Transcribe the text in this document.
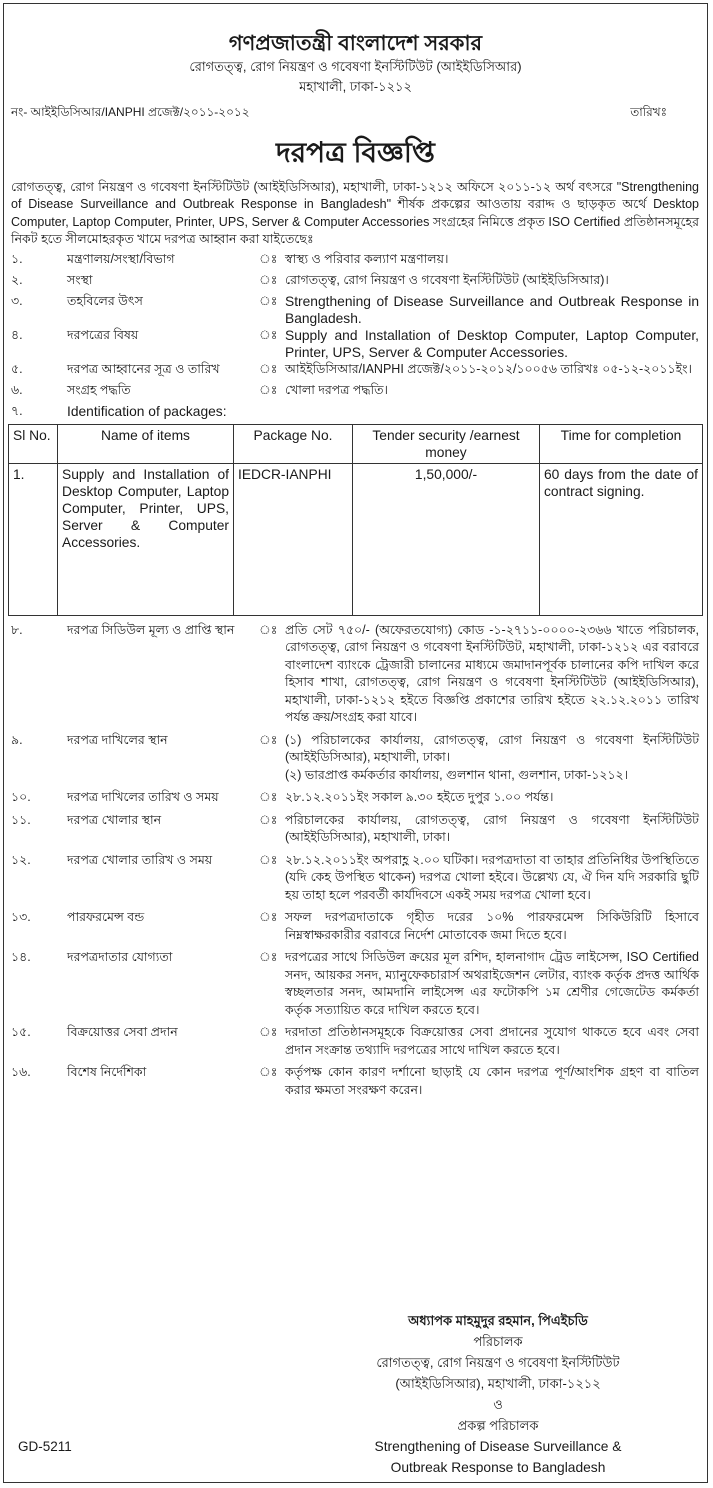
গণপ্রজাতন্ত্রী বাংলাদেশ সরকার
রোগতত্ত্ব, রোগ নিয়ন্ত্রণ ও গবেষণা ইনস্টিটিউট (আইইডিসিআর)
মহাখালী, ঢাকা-১২১২
নং- আইইডিসিআর/IANPHI প্রজেক্ট/২০১১-২০১২	তারিখঃ
দরপত্র বিজ্ঞপ্তি
রোগতত্ত্ব, রোগ নিয়ন্ত্রণ ও গবেষণা ইনস্টিটিউট (আইইডিসিআর), মহাখালী, ঢাকা-১২১২ অফিসে ২০১১-১২ অর্থ বৎসরে "Strengthening of Disease Surveillance and Outbreak Response in Bangladesh" শীর্ষক প্রকল্পের আওতায় বরাদ্দ ও ছাড়কৃত অর্থে Desktop Computer, Laptop Computer, Printer, UPS, Server & Computer Accessories সংগ্রহের নিমিত্তে প্রকৃত ISO Certified প্রতিষ্ঠানসমূহের নিকট হতে সীলমোহরকৃত খামে দরপত্র আহ্বান করা যাইতেছেঃ
১.	মন্ত্রণালয়/সংস্থা/বিভাগ	ঃ স্বাস্থ্য ও পরিবার কল্যাণ মন্ত্রণালয়।
২.	সংস্থা	ঃ রোগতত্ত্ব, রোগ নিয়ন্ত্রণ ও গবেষণা ইনস্টিটিউট (আইইডিসিআর)।
৩.	তহবিলের উৎস	ঃ Strengthening of Disease Surveillance and Outbreak Response in Bangladesh.
৪.	দরপত্রের বিষয়	ঃ Supply and Installation of Desktop Computer, Laptop Computer, Printer, UPS, Server & Computer Accessories.
৫.	দরপত্র আহ্বানের সূত্র ও তারিখ	ঃ আইইডিসিআর/IANPHI প্রজেক্ট/২০১১-২০১২/১০০৫৬ তারিখঃ ০৫-১২-২০১১ইং।
৬.	সংগ্রহ পদ্ধতি	ঃ খোলা দরপত্র পদ্ধতি।
৭.	Identification of packages:
Sl No.	Name of items	Package No.	Tender security /earnest money	Time for completion
1.	Supply and Installation of Desktop Computer, Laptop Computer, Printer, UPS, Server & Computer Accessories.	IEDCR-IANPHI	1,50,000/-	60 days from the date of contract signing.
৮.	দরপত্র সিডিউল মূল্য ও প্রাপ্তি স্থান	ঃ প্রতি সেট ৭৫০/- (অফেরতযোগ্য) কোড -১-২৭১১-০০০০-২৩৬৬ খাতে পরিচালক, রোগতত্ত্ব, রোগ নিয়ন্ত্রণ ও গবেষণা ইনস্টিটিউট, মহাখালী, ঢাকা-১২১২ এর বরাবরে বাংলাদেশ ব্যাংকে ট্রেজারী চালানের মাধ্যমে জমাদানপূর্বক চালানের কপি দাখিল করে হিসাব শাখা, রোগতত্ত্ব, রোগ নিয়ন্ত্রণ ও গবেষণা ইনস্টিটিউট (আইইডিসিআর), মহাখালী, ঢাকা-১২১২ হইতে বিজ্ঞপ্তি প্রকাশের তারিখ হইতে ২২.১২.২০১১ তারিখ পর্যন্ত ক্রয়/সংগ্রহ করা যাবে।
৯.	দরপত্র দাখিলের স্থান	ঃ (১) পরিচালকের কার্যালয়, রোগতত্ত্ব, রোগ নিয়ন্ত্রণ ও গবেষণা ইনস্টিটিউট (আইইডিসিআর), মহাখালী, ঢাকা।
(২) ভারপ্রাপ্ত কর্মকর্তার কার্যালয়, গুলশান থানা, গুলশান, ঢাকা-১২১২।
১০.	দরপত্র দাখিলের তারিখ ও সময়	ঃ ২৮.১২.২০১১ইং সকাল ৯.৩০ হইতে দুপুর ১.০০ পর্যন্ত।
১১.	দরপত্র খোলার স্থান	ঃ পরিচালকের কার্যালয়, রোগতত্ত্ব, রোগ নিয়ন্ত্রণ ও গবেষণা ইনস্টিটিউট (আইইডিসিআর), মহাখালী, ঢাকা।
১২.	দরপত্র খোলার তারিখ ও সময়	ঃ ২৮.১২.২০১১ইং অপরাহ্ণ ২.০০ ঘটিকা। দরপত্রদাতা বা তাহার প্রতিনিধির উপস্থিতিতে (যদি কেহ উপস্থিত থাকেন) দরপত্র খোলা হইবে। উল্লেখ্য যে, ঐ দিন যদি সরকারি ছুটি হয় তাহা হলে পরবর্তী কার্যদিবসে একই সময় দরপত্র খোলা হবে।
১৩.	পারফরমেন্স বন্ড	ঃ সফল দরপত্রদাতাকে গৃহীত দরের ১০% পারফরমেন্স সিকিউরিটি হিসাবে নিম্নস্বাক্ষরকারীর বরাবরে নির্দেশ মোতাবেক জমা দিতে হবে।
১৪.	দরপত্রদাতার যোগ্যতা	ঃ দরপত্রের সাথে সিডিউল ক্রয়ের মূল রশিদ, হালনাগাদ ট্রেড লাইসেন্স, ISO Certified সনদ, আয়কর সনদ, ম্যানুফেকচারার্স অথরাইজেশন লেটার, ব্যাংক কর্তৃক প্রদত্ত আর্থিক স্বচ্ছলতার সনদ, আমদানি লাইসেন্স এর ফটোকপি ১ম শ্রেণীর গেজেটেড কর্মকর্তা কর্তৃক সত্যায়িত করে দাখিল করতে হবে।
১৫.	বিক্রয়োত্তর সেবা প্রদান	ঃ দরদাতা প্রতিষ্ঠানসমূহকে বিক্রয়োত্তর সেবা প্রদানের সুযোগ থাকতে হবে এবং সেবা প্রদান সংক্রান্ত তথ্যাদি দরপত্রের সাথে দাখিল করতে হবে।
১৬.	বিশেষ নির্দেশিকা	ঃ কর্তৃপক্ষ কোন কারণ দর্শানো ছাড়াই যে কোন দরপত্র পূর্ণ/আংশিক গ্রহণ বা বাতিল করার ক্ষমতা সংরক্ষণ করেন।
অধ্যাপক মাহমুদুর রহমান, পিএইচডি
পরিচালক
রোগতত্ত্ব, রোগ নিয়ন্ত্রণ ও গবেষণা ইনস্টিটিউট
(আইইডিসিআর), মহাখালী, ঢাকা-১২১২
ও
প্রকল্প পরিচালক
Strengthening of Disease Surveillance &
Outbreak Response to Bangladesh
GD-5211
